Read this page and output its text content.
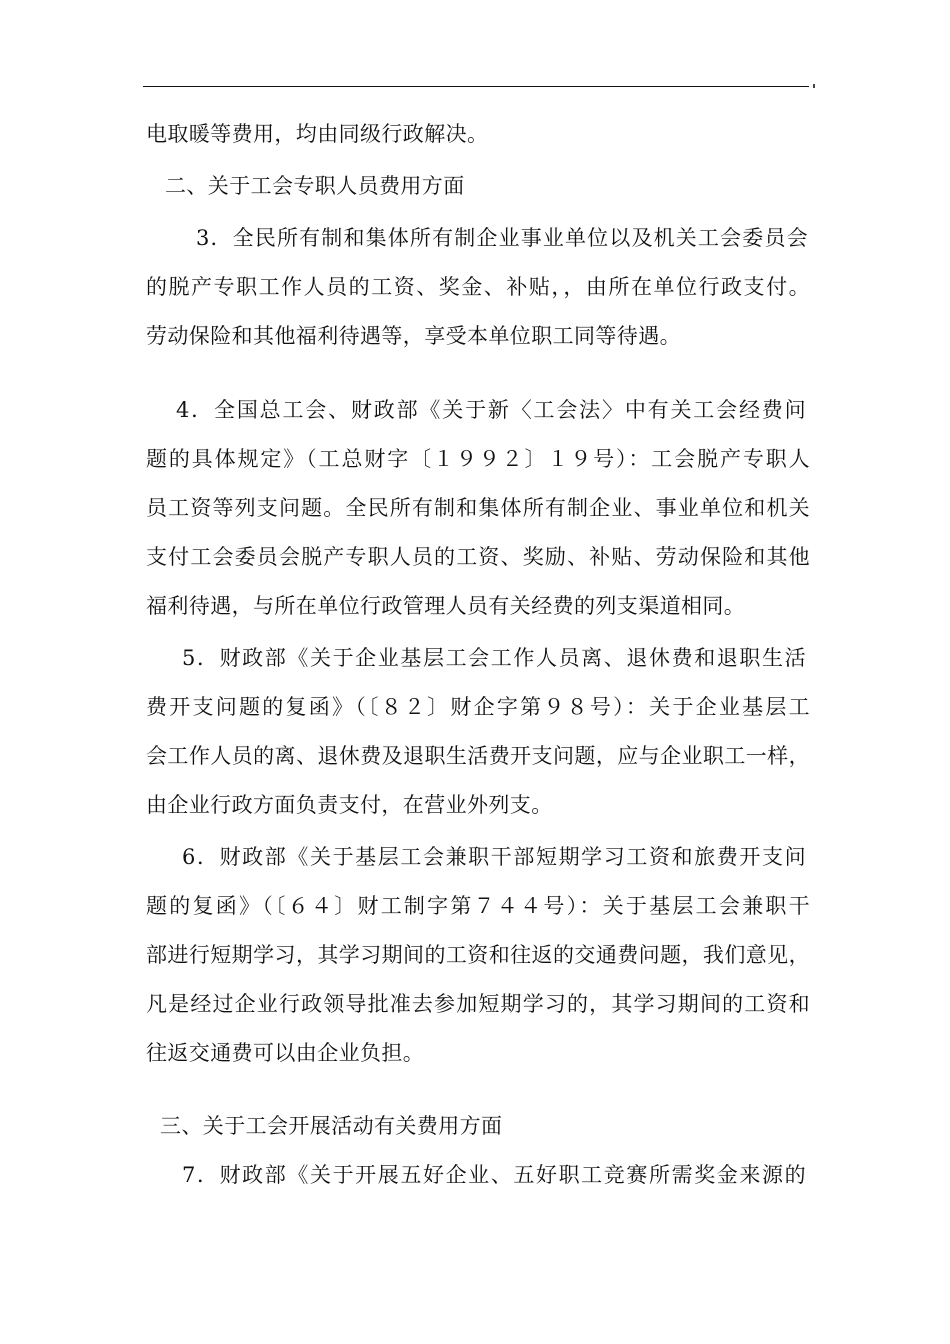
电取暖等费用，均由同级行政解决。
二、关于工会专职人员费用方面
3．全民所有制和集体所有制企业事业单位以及机关工会委员会
的脱产专职工作人员的工资、奖金、补贴，，由所在单位行政支付。
劳动保险和其他福利待遇等，享受本单位职工同等待遇。
4．全国总工会、财政部《关于新〈工会法〉中有关工会经费问
题的具体规定》（工总财字〔１９９２〕１９号）：工会脱产专职人
员工资等列支问题。全民所有制和集体所有制企业、事业单位和机关
支付工会委员会脱产专职人员的工资、奖励、补贴、劳动保险和其他
福利待遇，与所在单位行政管理人员有关经费的列支渠道相同。
5．财政部《关于企业基层工会工作人员离、退休费和退职生活
费开支问题的复函》（〔８２〕财企字第９８号）：关于企业基层工
会工作人员的离、退休费及退职生活费开支问题，应与企业职工一样，
由企业行政方面负责支付，在营业外列支。
6．财政部《关于基层工会兼职干部短期学习工资和旅费开支问
题的复函》（〔６４〕财工制字第７４４号）：关于基层工会兼职干
部进行短期学习，其学习期间的工资和往返的交通费问题，我们意见，
凡是经过企业行政领导批准去参加短期学习的，其学习期间的工资和
往返交通费可以由企业负担。
三、关于工会开展活动有关费用方面
7．财政部《关于开展五好企业、五好职工竞赛所需奖金来源的
